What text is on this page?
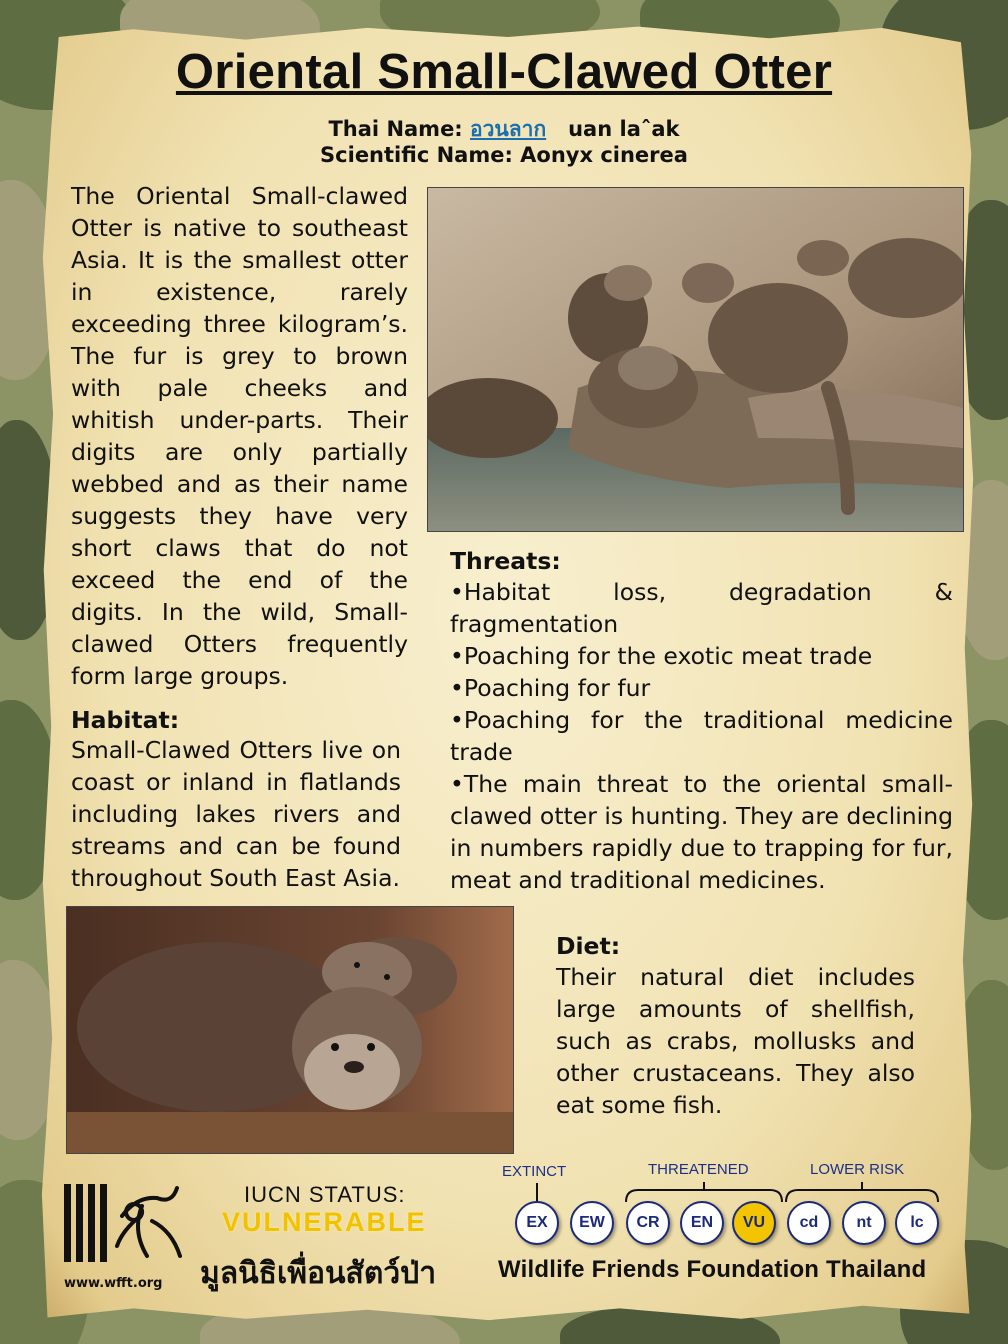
Oriental Small-Clawed Otter
Thai Name: อวนลาก uan laˆak
Scientific Name: Aonyx cinerea
The Oriental Small-clawed Otter is native to southeast Asia. It is the smallest otter in existence, rarely exceeding three kilogram’s. The fur is grey to brown with pale cheeks and whitish under-parts. Their digits are only partially webbed and as their name suggests they have very short claws that do not exceed the end of the digits. In the wild, Small-clawed Otters frequently form large groups.
Habitat:
Small-Clawed Otters live on coast or inland in flatlands including lakes rivers and streams and can be found throughout South East Asia.
Threats:
•Habitat loss, degradation & fragmentation
•Poaching for the exotic meat trade
•Poaching for fur
•Poaching for the traditional medicine trade
•The main threat to the oriental small-clawed otter is hunting. They are declining in numbers rapidly due to trapping for fur, meat and traditional medicines.
Diet:
Their natural diet includes large amounts of shellfish, such as crabs, mollusks and other crustaceans. They also eat some fish.
www.wfft.org
IUCN STATUS:
VULNERABLE
มูลนิธิเพื่อนสัตว์ป่า	Wildlife Friends Foundation Thailand
EXTINCT	THREATENED	LOWER RISK
EX	EW	CR	EN	VU	cd	nt	lc
